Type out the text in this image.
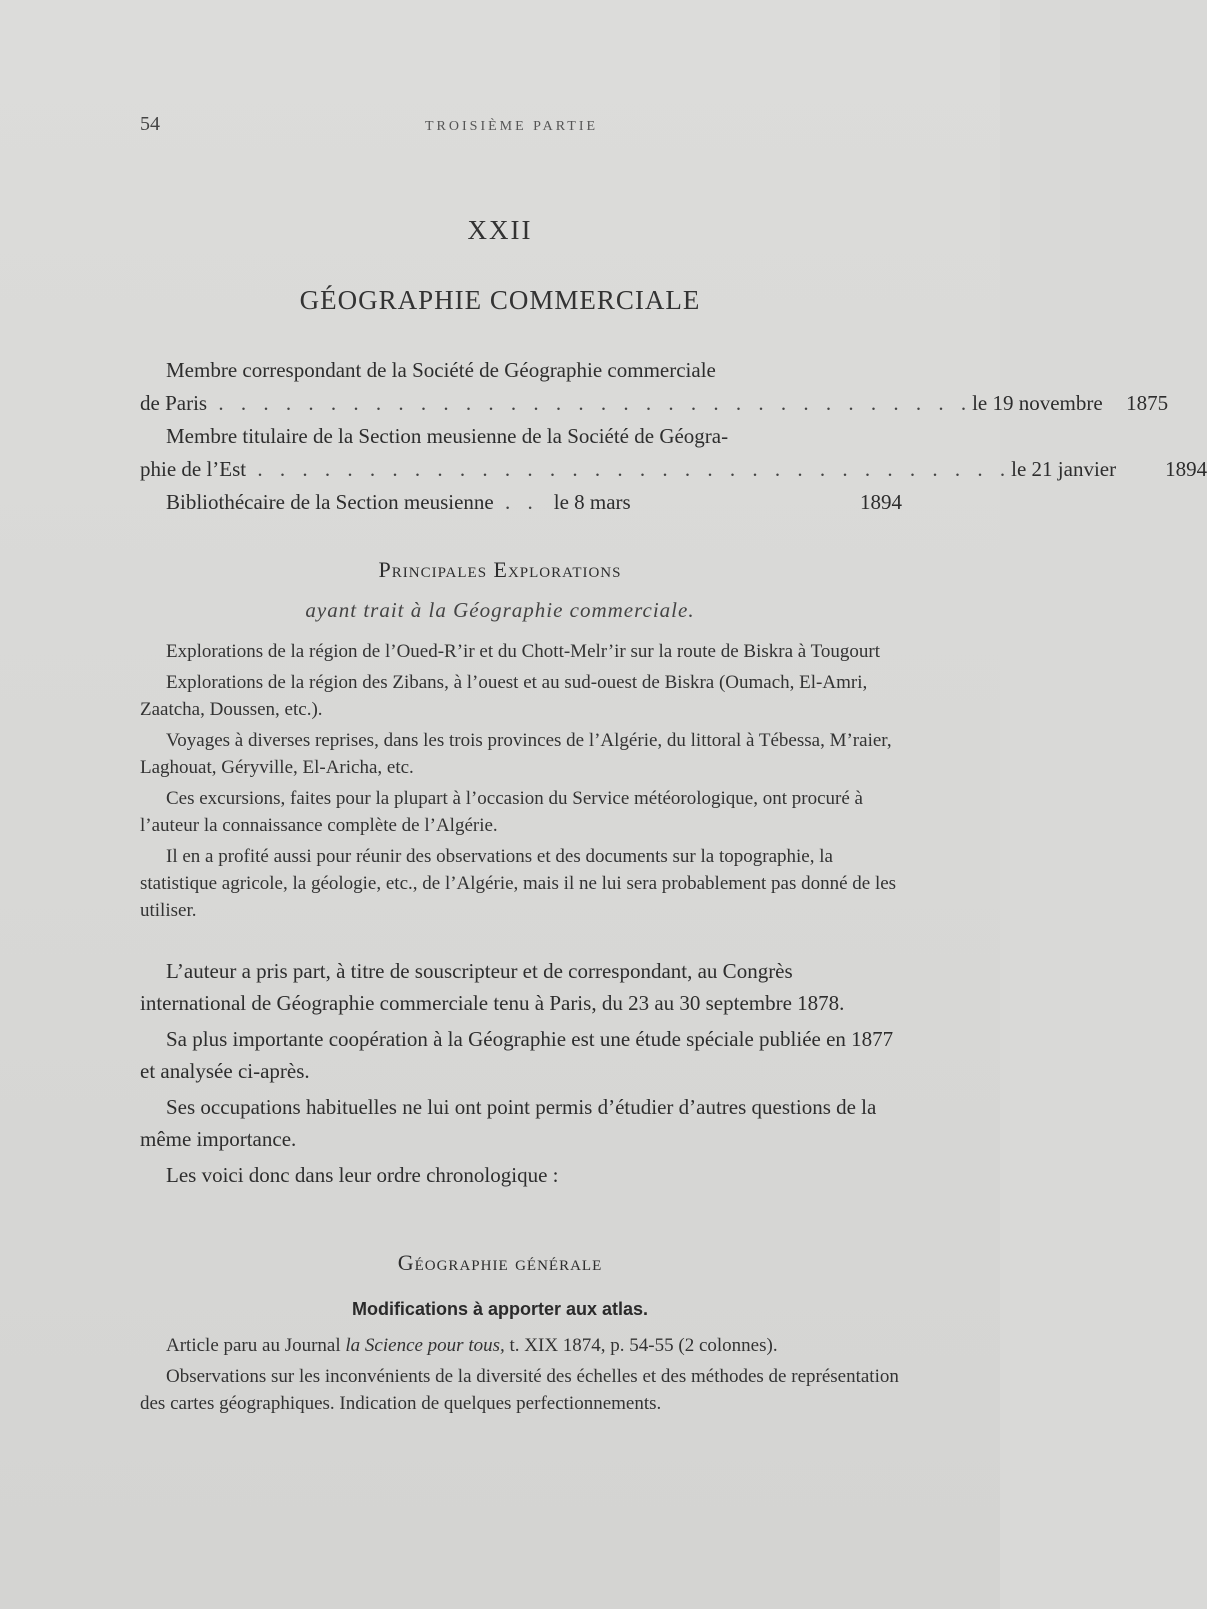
54	TROISIÈME PARTIE
XXII
GÉOGRAPHIE COMMERCIALE

Membre correspondant de la Société de Géographie commerciale

de Paris . . . . . . . . . . . . . . . . . . . . . . . . . . . . . . . . . . le 19 novembre	1875

Membre titulaire de la Section meusienne de la Société de Géogra-

phie de l’Est . . . . . . . . . . . . . . . . . . . . . . . . . . . . . . . . . . le 21 janvier	1894
Bibliothécaire de la Section meusienne . . le 8 mars	1894
Principales Explorations
ayant trait à la Géographie commerciale.

Explorations de la région de l’Oued-R’ir et du Chott-Melr’ir sur la route de Biskra à Tougourt

Explorations de la région des Zibans, à l’ouest et au sud-ouest de Biskra (Oumach, El-Amri, Zaatcha, Doussen, etc.).

Voyages à diverses reprises, dans les trois provinces de l’Algérie, du littoral à Tébessa, M’raier, Laghouat, Géryville, El-Aricha, etc.

Ces excursions, faites pour la plupart à l’occasion du Service météorologique, ont procuré à l’auteur la connaissance complète de l’Algérie.

Il en a profité aussi pour réunir des observations et des documents sur la topographie, la statistique agricole, la géologie, etc., de l’Algérie, mais il ne lui sera probablement pas donné de les utiliser.

L’auteur a pris part, à titre de souscripteur et de correspondant, au Congrès international de Géographie commerciale tenu à Paris, du 23 au 30 septembre 1878.

Sa plus importante coopération à la Géographie est une étude spéciale publiée en 1877 et analysée ci-après.

Ses occupations habituelles ne lui ont point permis d’étudier d’autres questions de la même importance.

Les voici donc dans leur ordre chronologique :

Géographie générale
Modifications à apporter aux atlas.

Article paru au Journal la Science pour tous, t. XIX 1874, p. 54-55 (2 colonnes).

Observations sur les inconvénients de la diversité des échelles et des méthodes de représentation des cartes géographiques. Indication de quelques perfectionnements.
